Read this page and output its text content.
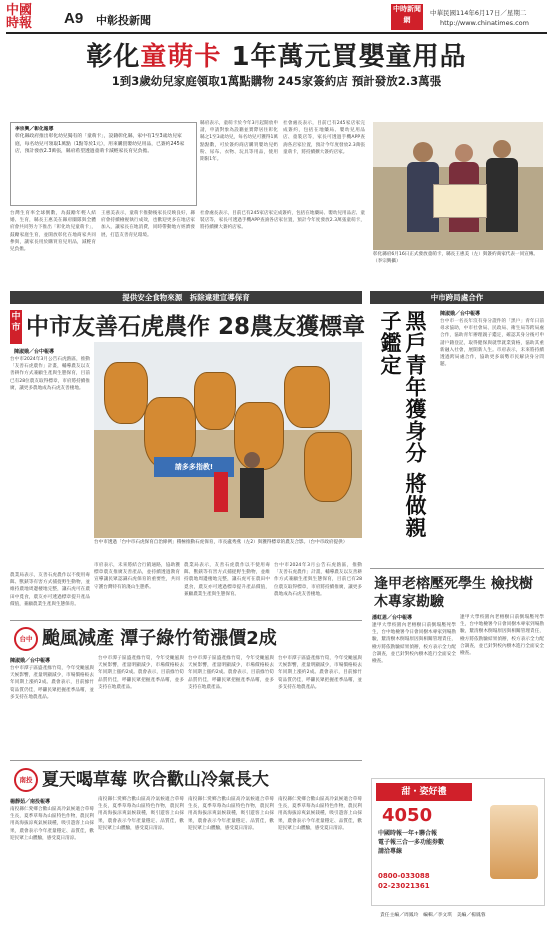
中國時報 A9 中彰投新聞
中時新聞網
中華民國114年6月17日／星期二
http://www.chinatimes.com
彰化童萌卡 1年萬元買嬰童用品
1到3歲幼兒家庭領取1萬點購物 245家簽約店 預計發放2.3萬張
李宗興／彰化報導
彰化縣政府推出彰化幼兒獨有的「童萌卡」，設籍彰化縣，家中有1至3歲幼兒家庭，每名幼兒可領取1萬點（1點等於1元），用來購買嬰幼兒用品，已簽約245家店，預計發放2.3萬張，縣府希望透過童萌卡減輕家長育兒負擔。
縣府表示，童萌卡於今年3月起開放申請，申請對象為設籍並實際居住彰化縣之1至3歲幼兒，每名幼兒可獲得1萬點點數，可於簽約商店購買嬰幼兒奶粉、尿布、衣物、玩具等用品，使用期限1年。
社會處長表示，目前已有245家店家完成簽約，包括在地藥局、嬰幼兒用品店、童裝店等，家長可透過手機APP查詢各店家位置，預計今年度發放2.3萬張童萌卡，將持續擴大簽約店家。
台灣生育率全球倒數，為鼓勵年輕人結婚、生育，縣長王惠美在縣府團隊與全體府會共同努力下推出「彰化幼兒童萌卡」，鼓勵家庭生育，並開放彰化在地商家共同參與，讓家長用於購買育兒用品，減輕育兒負擔。
王惠美表示，童萌卡推動後家長反映良好，縣府會持續檢視執行成效，也歡迎更多在地店家加入，讓家長在地消費，同時帶動地方經濟發展，打造友善育兒環境。
社會處長表示，目前已有245家店家完成簽約，包括在地藥局、嬰幼兒用品店、童裝店等，家長可透過手機APP查詢各店家位置，預計今年度發放2.3萬張童萌卡，將持續擴大簽約店家。
彰化縣府6月16日正式發放童萌卡，縣長王惠美（左）與簽約商家代表一同宣傳。（李宗興攝）
提供安全食物來源　拆除違建宣導保育	中市跨局處合作
中市 中市友善石虎農作 28農友獲標章
陳淑娥／台中報導
台中市2024年3月公告石虎熱區，推動「友善石虎農作」計畫，輔導農友以友善耕作方式兼顧生產與生態保育，目前已有28位農友取得標章，市府將持續推廣，讓更多農地成為石虎友善棲地。
請多多指教!
台中市透過「台中市石虎保育自治條例」積極推動石虎保育，市長盧秀燕（左2）與獲得標章的農友合影。（台中市政府提供）
農業局表示，友善石虎農作以不使用毒餌、獸鋏等有害方式捕捉野生動物，並維持農地周邊棲地完整，讓石虎可在農田中覓食，農友亦可透過標章提升產品價值，兼顧農業生產與生態保育。
市府表示，未來將結合行銷通路，協助獲標章農友推廣友善產品，並持續透過教育宣導讓民眾認識石虎保育的重要性，共同守護台灣特有的淺山生態系。
農業局表示，友善石虎農作以不使用毒餌、獸鋏等有害方式捕捉野生動物，並維持農地周邊棲地完整，讓石虎可在農田中覓食，農友亦可透過標章提升產品價值，兼顧農業生產與生態保育。
台中市2024年3月公告石虎熱區，推動「友善石虎農作」計畫，輔導農友以友善耕作方式兼顧生產與生態保育，目前已有28位農友取得標章，市府將持續推廣，讓更多農地成為石虎友善棲地。
黑戶青年獲身分 將做親子鑑定	陳淑娥／台中報導
台中市一名長年沒有身分證件的「黑戶」青年日前尋求協助，中市社會局、民政局、衛生局等跨局處合作，協助青年辦理親子鑑定，確認其身分後可申請戶籍登記，取得健保與就學就業資格，協助其重新融入社會，展開新人生。市府表示，未來將持續透過跨局處合作，協助更多弱勢市民解決身分問題。
台中 颱風減產 潭子綠竹筍漲價2成
陳淑娥／台中報導
台中市潭子區盛產綠竹筍，今年受颱風與天候影響，產量明顯減少，市場價格較去年同期上漲約2成。農會表示，目前綠竹筍品質仍佳，呼籲民眾把握產季品嚐，並多支持在地農產品。
台中市潭子區盛產綠竹筍，今年受颱風與天候影響，產量明顯減少，市場價格較去年同期上漲約2成。農會表示，目前綠竹筍品質仍佳，呼籲民眾把握產季品嚐，並多支持在地農產品。
台中市潭子區盛產綠竹筍，今年受颱風與天候影響，產量明顯減少，市場價格較去年同期上漲約2成。農會表示，目前綠竹筍品質仍佳，呼籲民眾把握產季品嚐，並多支持在地農產品。
台中市潭子區盛產綠竹筍，今年受颱風與天候影響，產量明顯減少，市場價格較去年同期上漲約2成。農會表示，目前綠竹筍品質仍佳，呼籲民眾把握產季品嚐，並多支持在地農產品。
南投 夏天喝草莓 吹合歡山冷氣長大
楊靜茹／南投報導
南投縣仁愛鄉合歡山區高冷氣候適合草莓生長，夏季草莓為山區特色作物，農民利用高海拔涼爽氣候栽種，吸引遊客上山採果，農會表示今年產量穩定、品質佳，歡迎民眾上山體驗，感受夏日清涼。
南投縣仁愛鄉合歡山區高冷氣候適合草莓生長，夏季草莓為山區特色作物，農民利用高海拔涼爽氣候栽種，吸引遊客上山採果，農會表示今年產量穩定、品質佳，歡迎民眾上山體驗，感受夏日清涼。
南投縣仁愛鄉合歡山區高冷氣候適合草莓生長，夏季草莓為山區特色作物，農民利用高海拔涼爽氣候栽種，吸引遊客上山採果，農會表示今年產量穩定、品質佳，歡迎民眾上山體驗，感受夏日清涼。
南投縣仁愛鄉合歡山區高冷氣候適合草莓生長，夏季草莓為山區特色作物，農民利用高海拔涼爽氣候栽種，吸引遊客上山採果，農會表示今年產量穩定、品質佳，歡迎民眾上山體驗，感受夏日清涼。
逢甲老榕壓死學生 檢找樹木專家勘驗
潘虹恩／台中報導
逢甲大學校園內老榕樹日前倒塌壓死學生，台中地檢署今日會同樹木專家到場勘驗，釐清樹木倒塌原因與相關管理責任，檢方將依勘驗結果偵辦，校方表示全力配合調查，並已針對校內樹木進行全面安全檢查。
逢甲大學校園內老榕樹日前倒塌壓死學生，台中地檢署今日會同樹木專家到場勘驗，釐清樹木倒塌原因與相關管理責任，檢方將依勘驗結果偵辦，校方表示全力配合調查，並已針對校內樹木進行全面安全檢查。
甜・姿好禮
4050
中國時報一年+聯合報
電子報三合一多功能券數
請洽專線
0800-033088
02-23021361
責任主編／周鳳玲　編輯／李文琪　美編／楊鳳蓉
